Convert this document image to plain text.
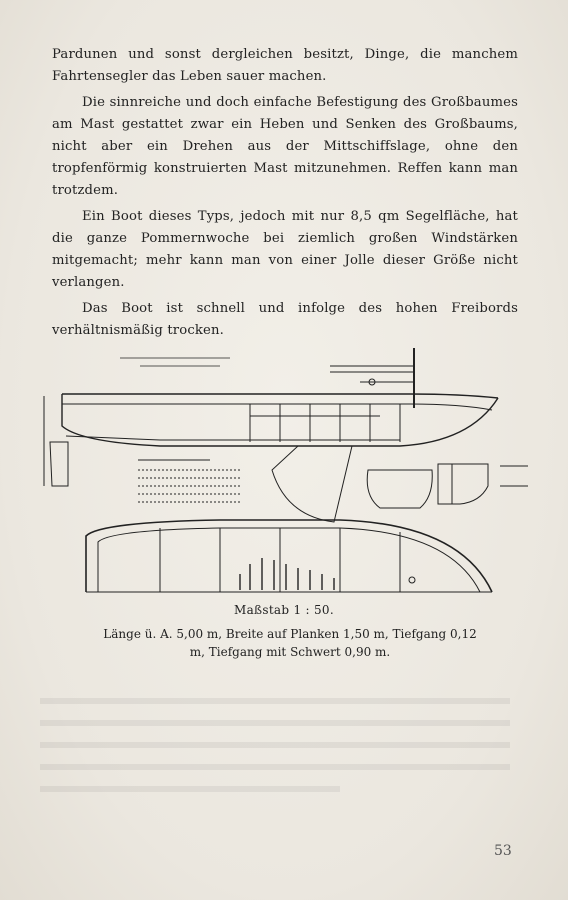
Pardunen und sonst dergleichen besitzt, Dinge, die manchem Fahrtensegler das Leben sauer machen.

Die sinnreiche und doch einfache Befestigung des Großbaumes am Mast gestattet zwar ein Heben und Senken des Großbaums, nicht aber ein Drehen aus der Mittschiffslage, ohne den tropfenförmig konstruierten Mast mitzunehmen. Reffen kann man trotzdem.

Ein Boot dieses Typs, jedoch mit nur 8,5 qm Segelfläche, hat die ganze Pommernwoche bei ziemlich großen Windstärken mitgemacht; mehr kann man von einer Jolle dieser Größe nicht verlangen.

Das Boot ist schnell und infolge des hohen Freibords verhältnismäßig trocken.

Maßstab 1 : 50.
Länge ü. A. 5,00 m, Breite auf Planken 1,50 m, Tiefgang 0,12 m, Tiefgang mit Schwert 0,90 m.
53
